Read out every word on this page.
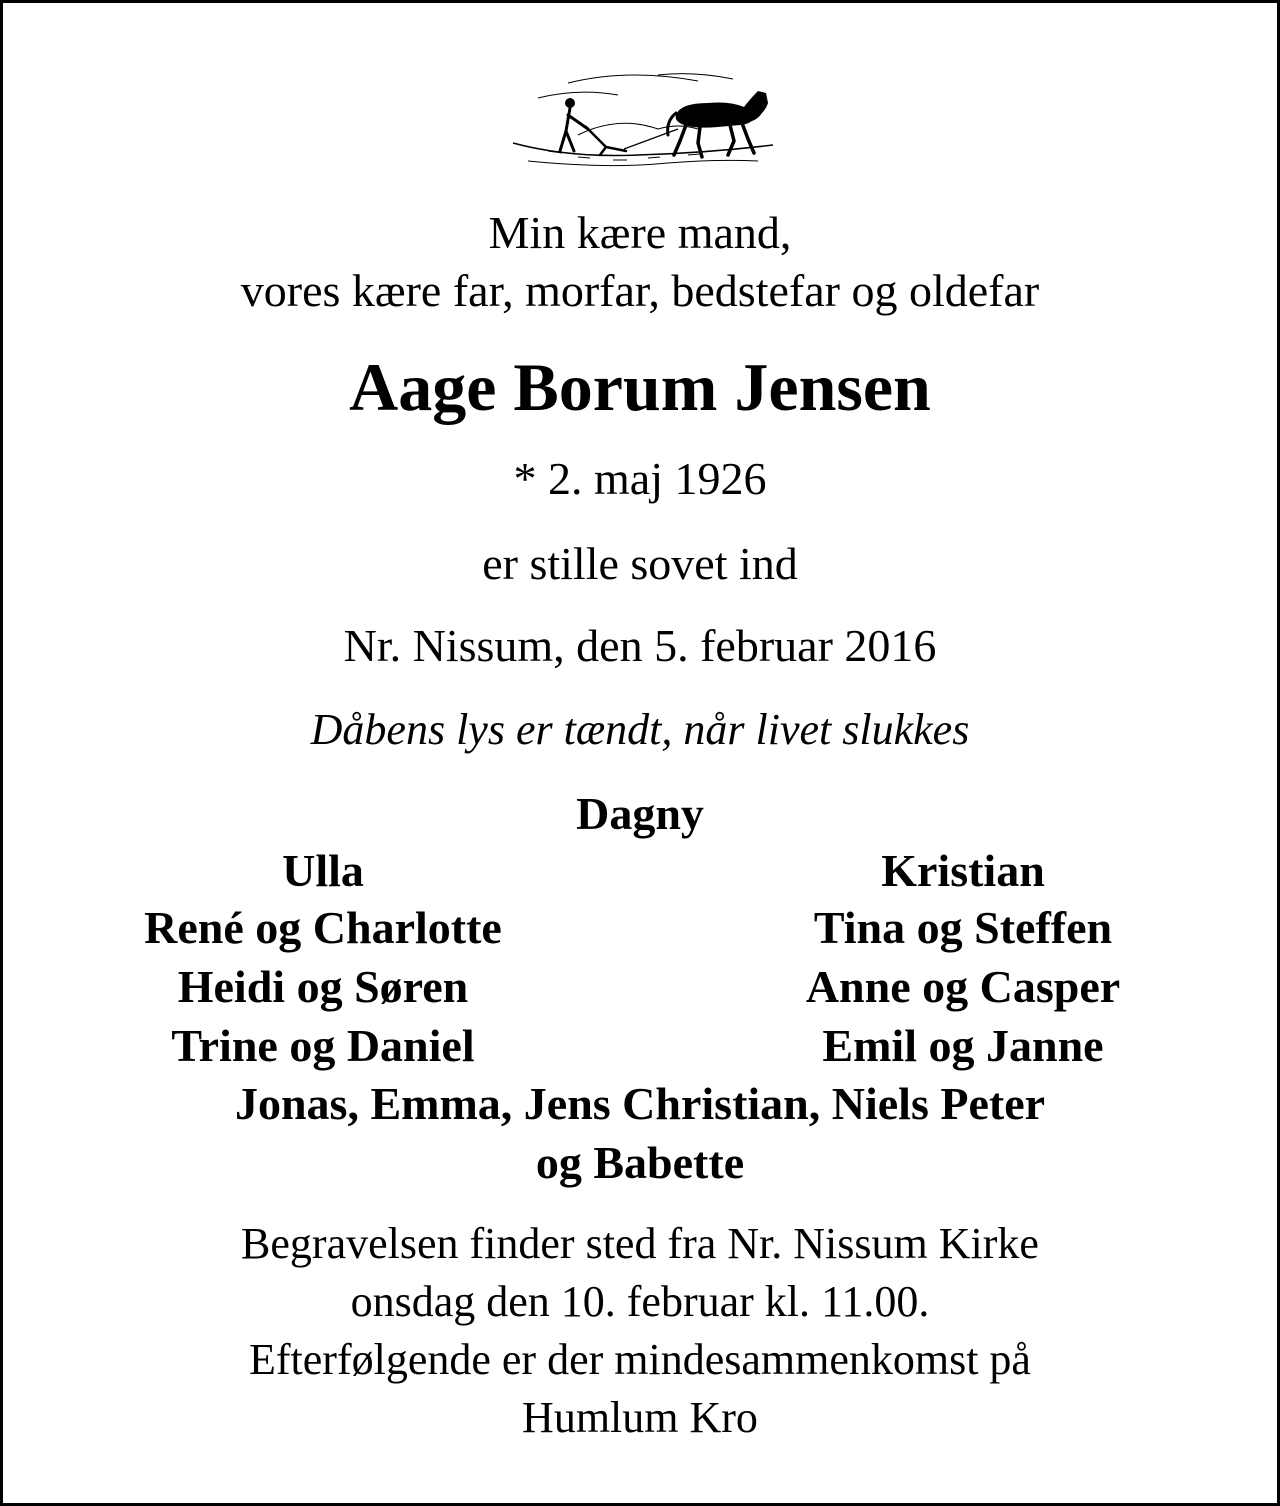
Min kære mand,
vores kære far, morfar, bedstefar og oldefar
Aage Borum Jensen
* 2. maj 1926
er stille sovet ind
Nr. Nissum, den 5. februar 2016
Dåbens lys er tændt, når livet slukkes
Dagny
Ulla
René og Charlotte
Heidi og Søren
Trine og Daniel
Kristian
Tina og Steffen
Anne og Casper
Emil og Janne
Jonas, Emma, Jens Christian, Niels Peter
og Babette
Begravelsen finder sted fra Nr. Nissum Kirke
onsdag den 10. februar kl. 11.00.
Efterfølgende er der mindesammenkomst på
Humlum Kro
